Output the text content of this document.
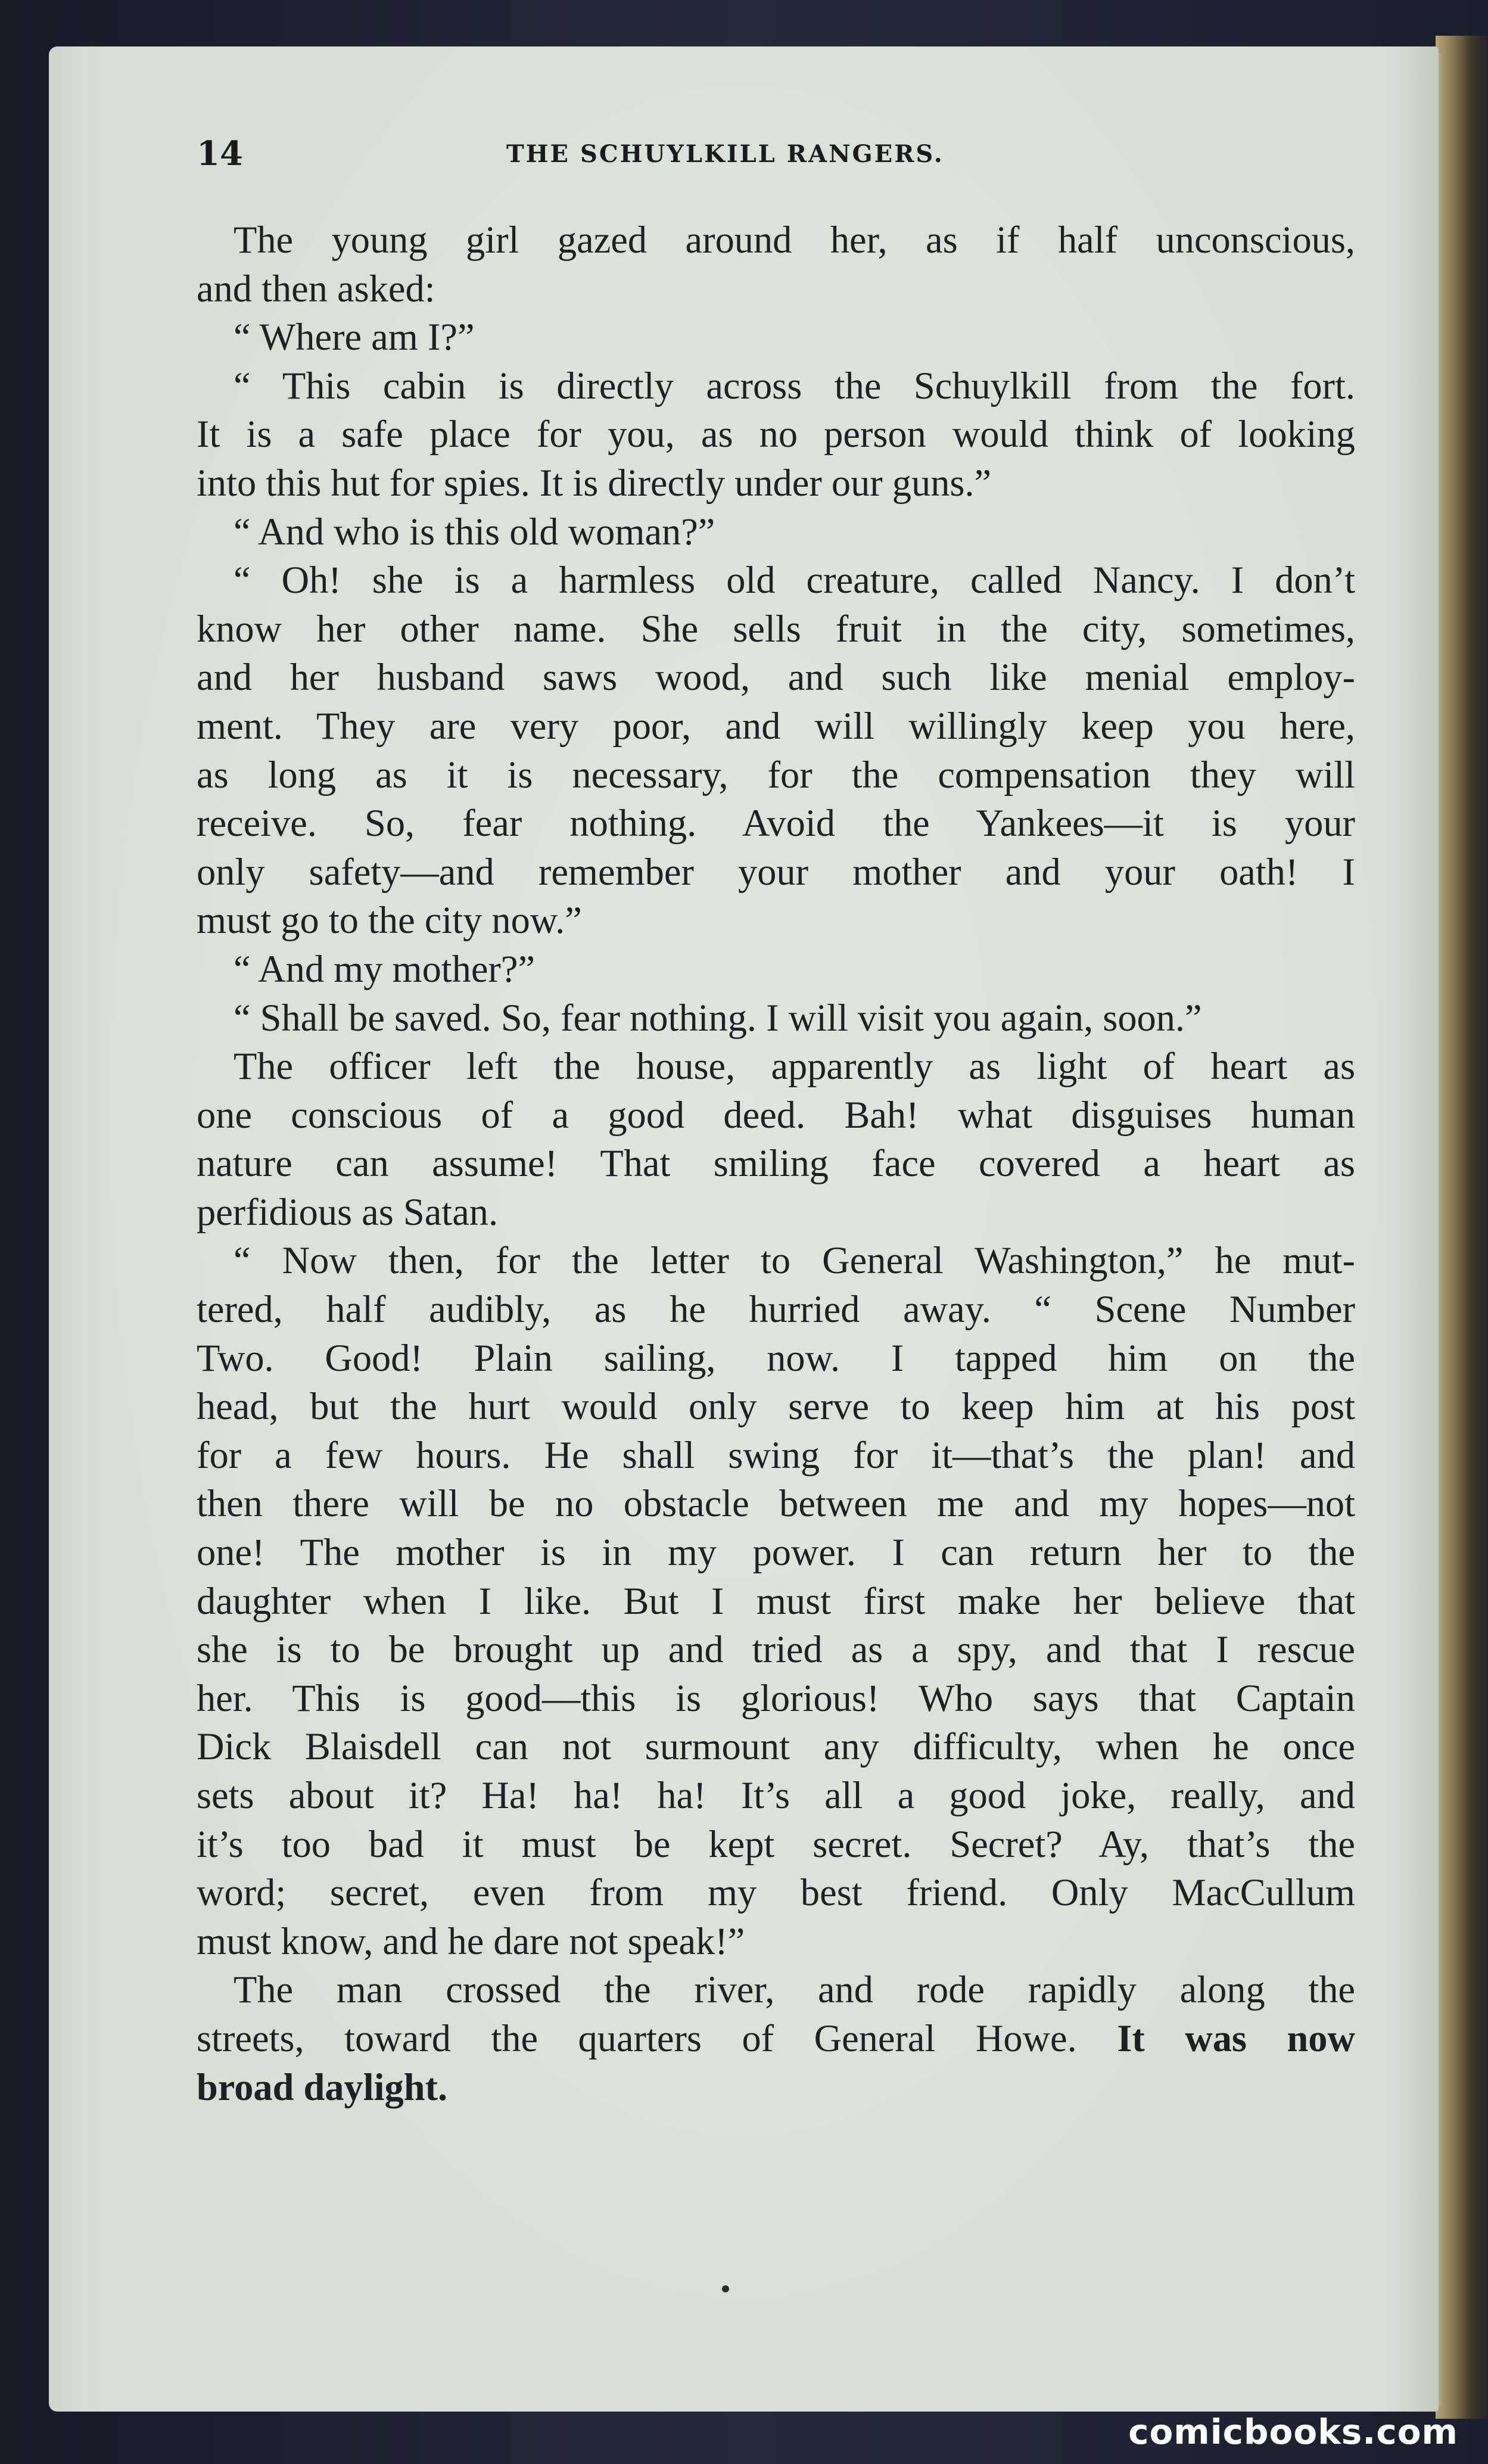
14	THE SCHUYLKILL RANGERS.
The young girl gazed around her, as if half unconscious,
and then asked:
“ Where am I?”
“ This cabin is directly across the Schuylkill from the fort.
It is a safe place for you, as no person would think of looking
into this hut for spies. It is directly under our guns.”
“ And who is this old woman?”
“ Oh! she is a harmless old creature, called Nancy. I don’t
know her other name. She sells fruit in the city, sometimes,
and her husband saws wood, and such like menial employ-
ment. They are very poor, and will willingly keep you here,
as long as it is necessary, for the compensation they will
receive. So, fear nothing. Avoid the Yankees—it is your
only safety—and remember your mother and your oath! I
must go to the city now.”
“ And my mother?”
“ Shall be saved. So, fear nothing. I will visit you again, soon.”
The officer left the house, apparently as light of heart as
one conscious of a good deed. Bah! what disguises human
nature can assume! That smiling face covered a heart as
perfidious as Satan.
“ Now then, for the letter to General Washington,” he mut-
tered, half audibly, as he hurried away. “ Scene Number
Two. Good! Plain sailing, now. I tapped him on the
head, but the hurt would only serve to keep him at his post
for a few hours. He shall swing for it—that’s the plan! and
then there will be no obstacle between me and my hopes—not
one! The mother is in my power. I can return her to the
daughter when I like. But I must first make her believe that
she is to be brought up and tried as a spy, and that I rescue
her. This is good—this is glorious! Who says that Captain
Dick Blaisdell can not surmount any difficulty, when he once
sets about it? Ha! ha! ha! It’s all a good joke, really, and
it’s too bad it must be kept secret. Secret? Ay, that’s the
word; secret, even from my best friend. Only MacCullum
must know, and he dare not speak!”
The man crossed the river, and rode rapidly along the
streets, toward the quarters of General Howe. It was now
broad daylight.
comicbooks.com
